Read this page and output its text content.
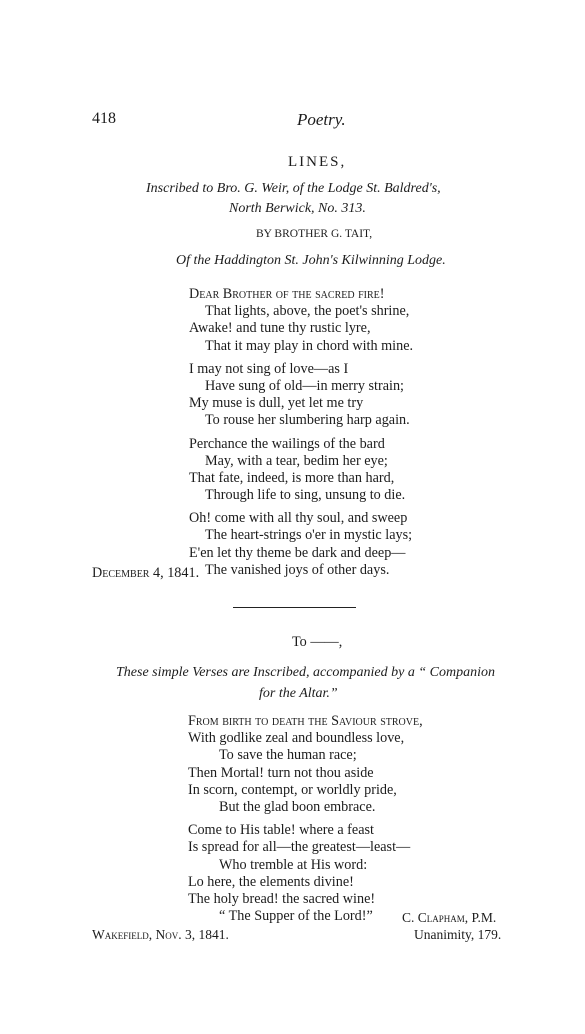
418	Poetry.
LINES,
Inscribed to Bro. G. Weir, of the Lodge St. Baldred's,
North Berwick, No. 313.
BY BROTHER G. TAIT,
Of the Haddington St. John's Kilwinning Lodge.
Dear Brother of the sacred fire!
That lights, above, the poet's shrine,
Awake! and tune thy rustic lyre,
That it may play in chord with mine.
I may not sing of love—as I
Have sung of old—in merry strain;
My muse is dull, yet let me try
To rouse her slumbering harp again.
Perchance the wailings of the bard
May, with a tear, bedim her eye;
That fate, indeed, is more than hard,
Through life to sing, unsung to die.
Oh! come with all thy soul, and sweep
The heart-strings o'er in mystic lays;
E'en let thy theme be dark and deep—
The vanished joys of other days.
December 4, 1841.
To ——,
These simple Verses are Inscribed, accompanied by a “ Companion
for the Altar.”
From birth to death the Saviour strove,
With godlike zeal and boundless love,
To save the human race;
Then Mortal! turn not thou aside
In scorn, contempt, or worldly pride,
But the glad boon embrace.
Come to His table! where a feast
Is spread for all—the greatest—least—
Who tremble at His word:
Lo here, the elements divine!
The holy bread! the sacred wine!
“ The Supper of the Lord!”	C. Clapham, P.M.
Unanimity, 179.
Wakefield, Nov. 3, 1841.
